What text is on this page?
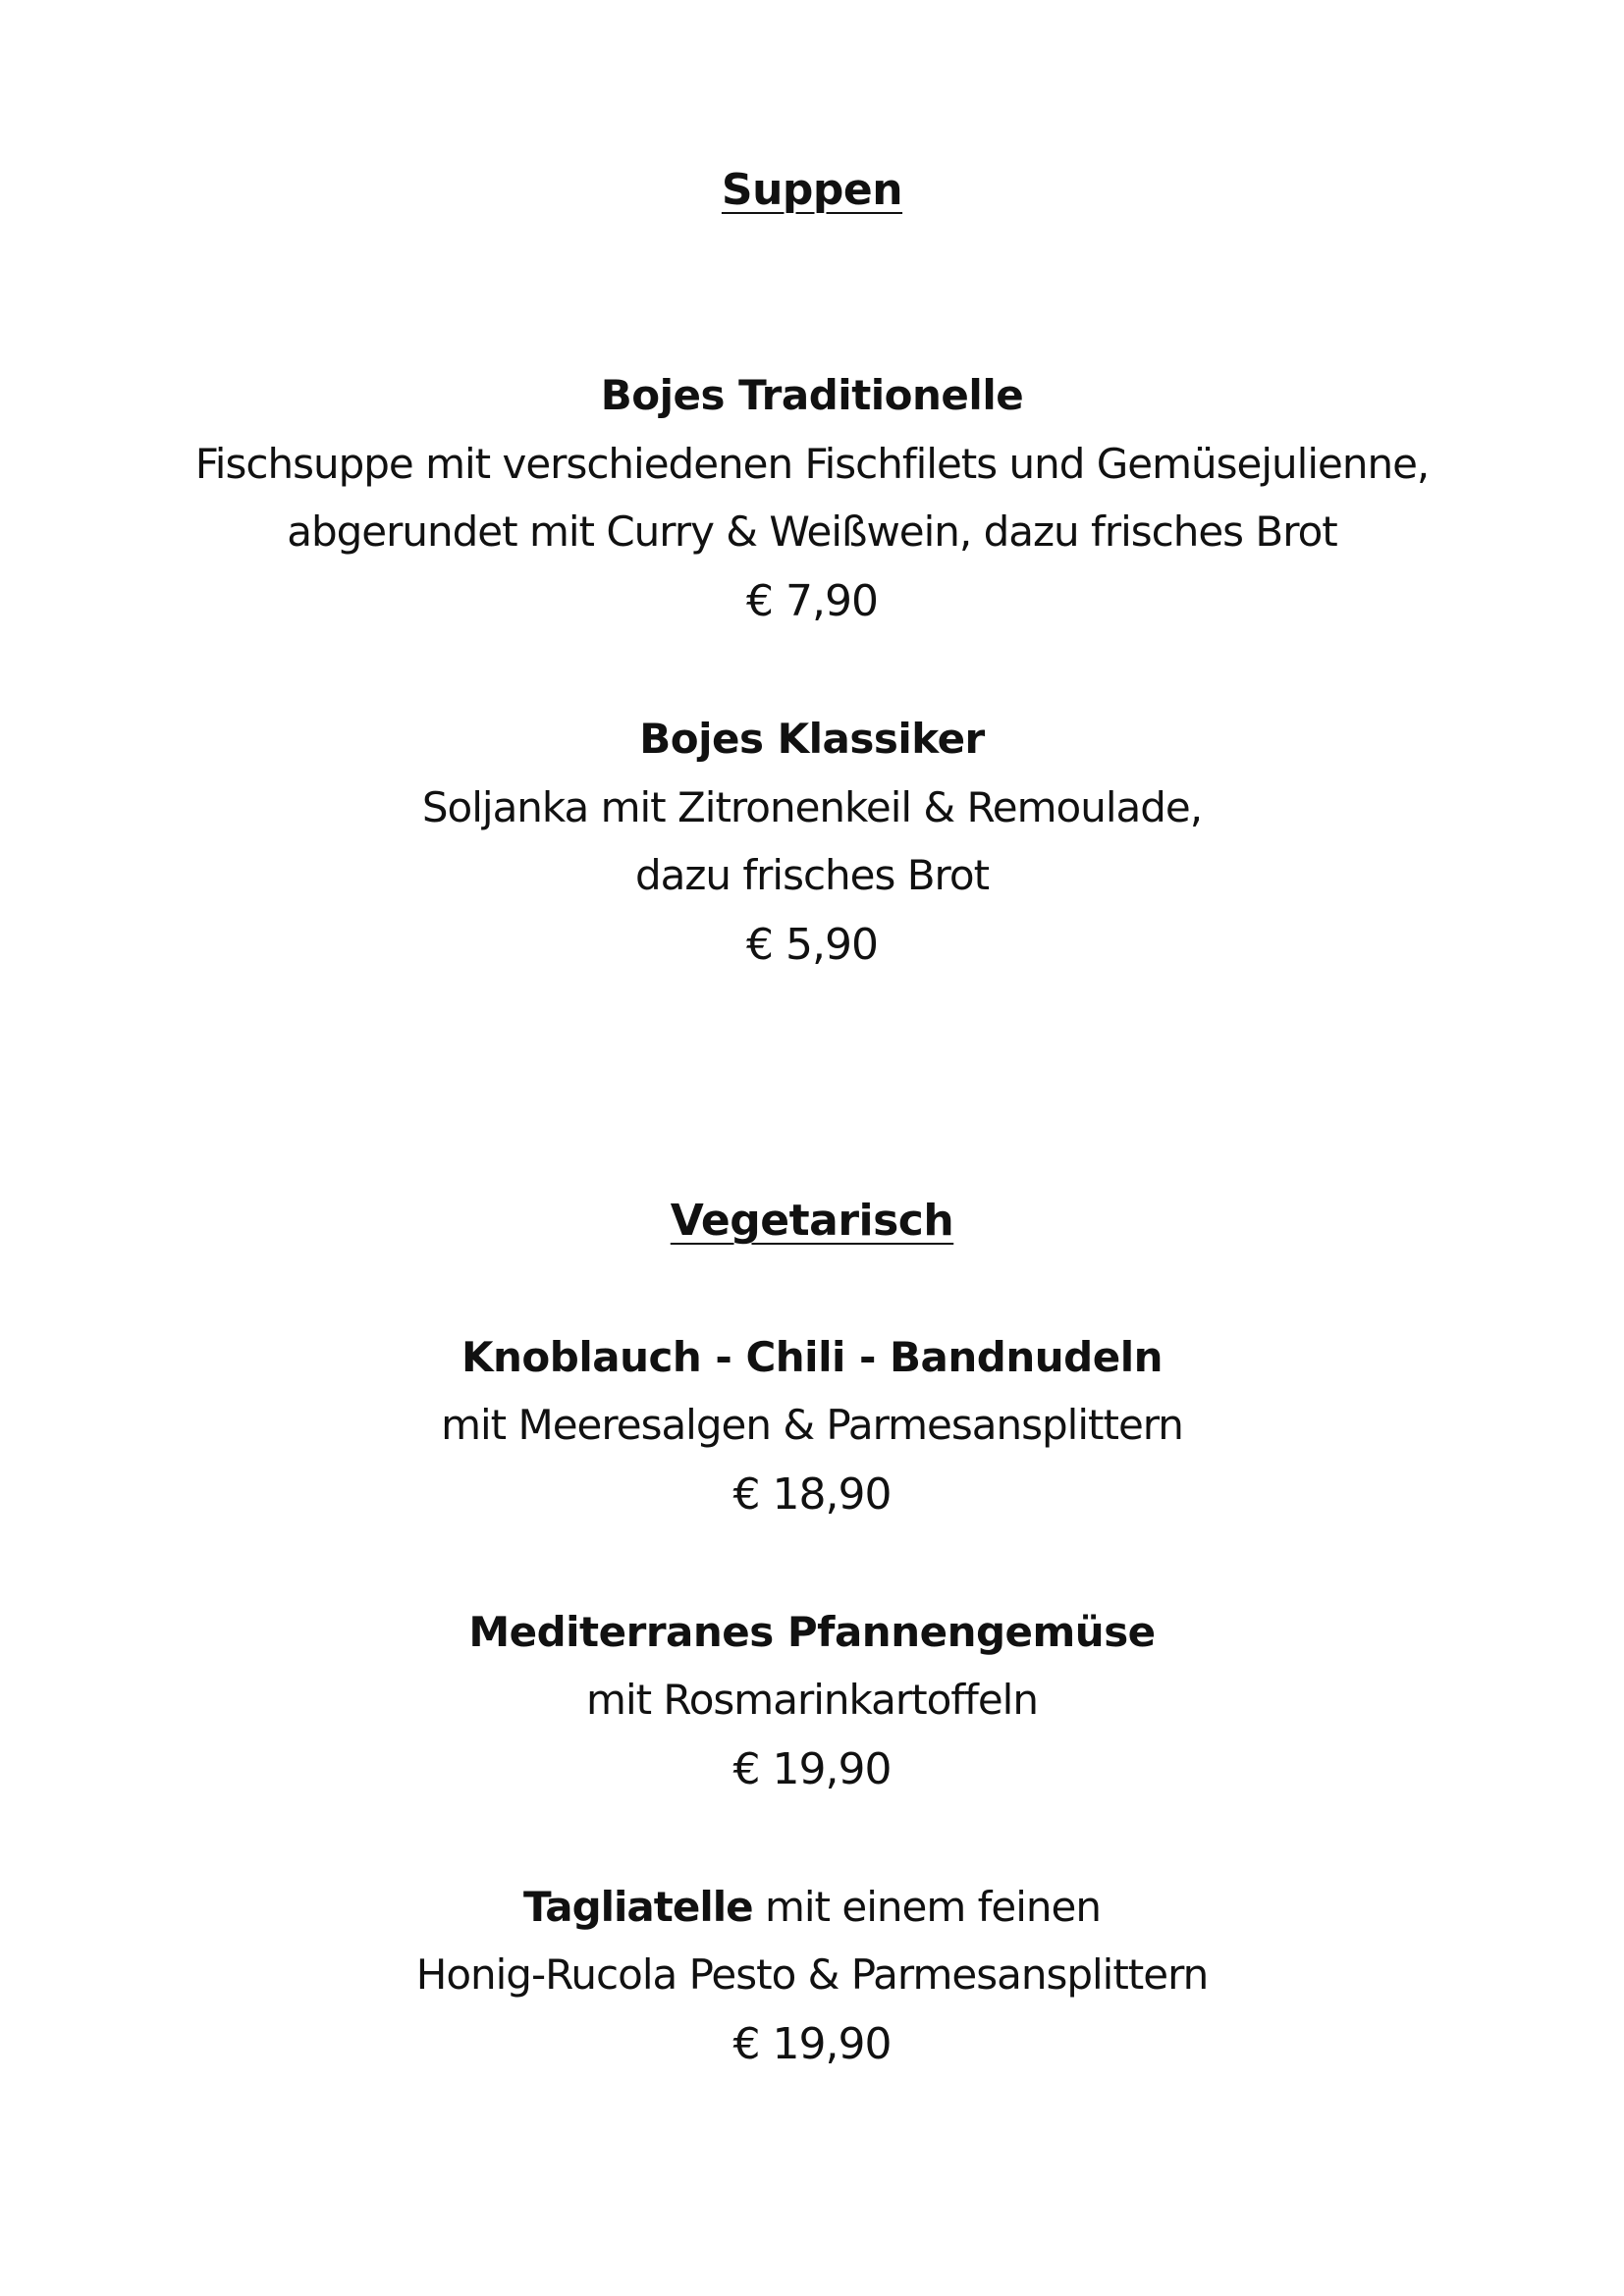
Suppen
Bojes Traditionelle
Fischsuppe mit verschiedenen Fischfilets und Gemüsejulienne,
abgerundet mit Curry & Weißwein, dazu frisches Brot
€ 7,90
Bojes Klassiker
Soljanka mit Zitronenkeil & Remoulade,
dazu frisches Brot
€ 5,90
Vegetarisch
Knoblauch - Chili - Bandnudeln
mit Meeresalgen & Parmesansplittern
€ 18,90
Mediterranes Pfannengemüse
mit Rosmarinkartoffeln
€ 19,90
Tagliatelle mit einem feinen
Honig-Rucola Pesto & Parmesansplittern
€ 19,90
